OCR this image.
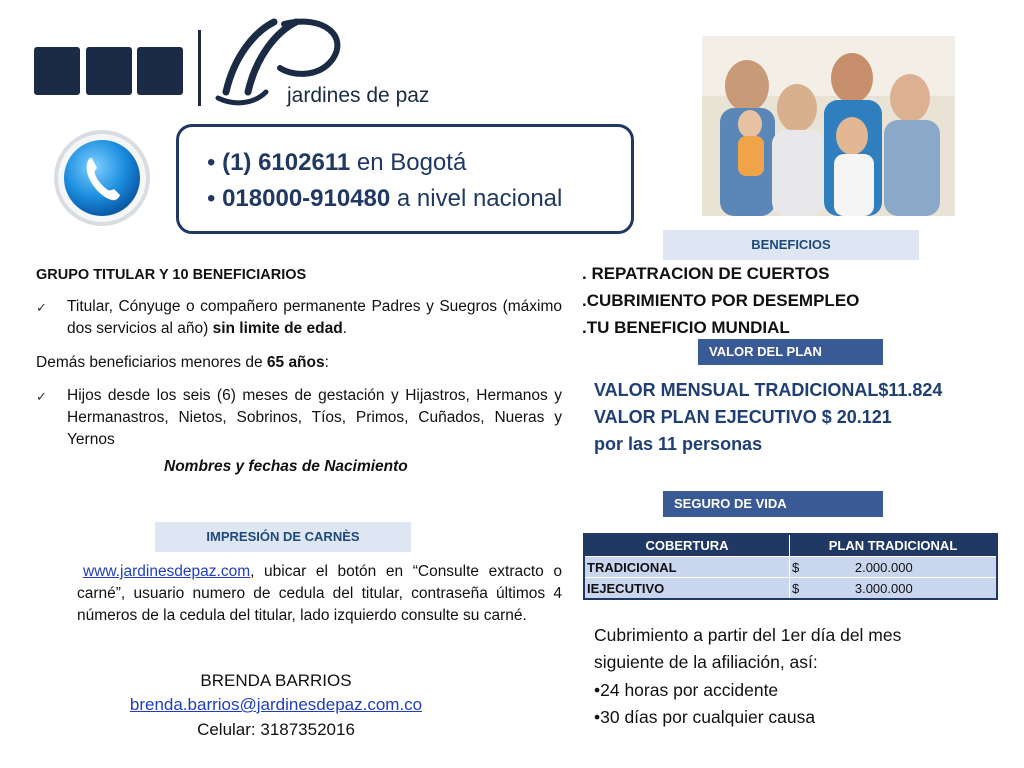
jardines de paz
• (1) 6102611 en Bogotá
• 018000-910480 a nivel nacional
GRUPO TITULAR Y 10 BENEFICIARIOS
✓ Titular, Cónyuge o compañero permanente Padres y Suegros (máximo dos servicios al año) sin limite de edad.
Demás beneficiarios menores de 65 años:
✓ Hijos desde los seis (6) meses de gestación y Hijastros, Hermanos y Hermanastros, Nietos, Sobrinos, Tíos, Primos, Cuñados, Nueras y Yernos
Nombres y fechas de Nacimiento
IMPRESIÓN DE CARNÈS
www.jardinesdepaz.com, ubicar el botón en “Consulte extracto o carné”, usuario numero de cedula del titular, contraseña últimos 4 números de la cedula del titular, lado izquierdo consulte su carné.
BRENDA BARRIOS
brenda.barrios@jardinesdepaz.com.co
Celular: 3187352016
BENEFICIOS
. REPATRACION DE CUERTOS
.CUBRIMIENTO POR DESEMPLEO
.TU BENEFICIO MUNDIAL
VALOR DEL PLAN
VALOR MENSUAL TRADICIONAL$11.824
VALOR PLAN EJECUTIVO $ 20.121
por las 11 personas
SEGURO DE VIDA
COBERTURA	PLAN TRADICIONAL
TRADICIONAL	$ 2.000.000
IEJECUTIVO	$ 3.000.000
Cubrimiento a partir del 1er día del mes
siguiente de la afiliación, así:
•24 horas por accidente
•30 días por cualquier causa
